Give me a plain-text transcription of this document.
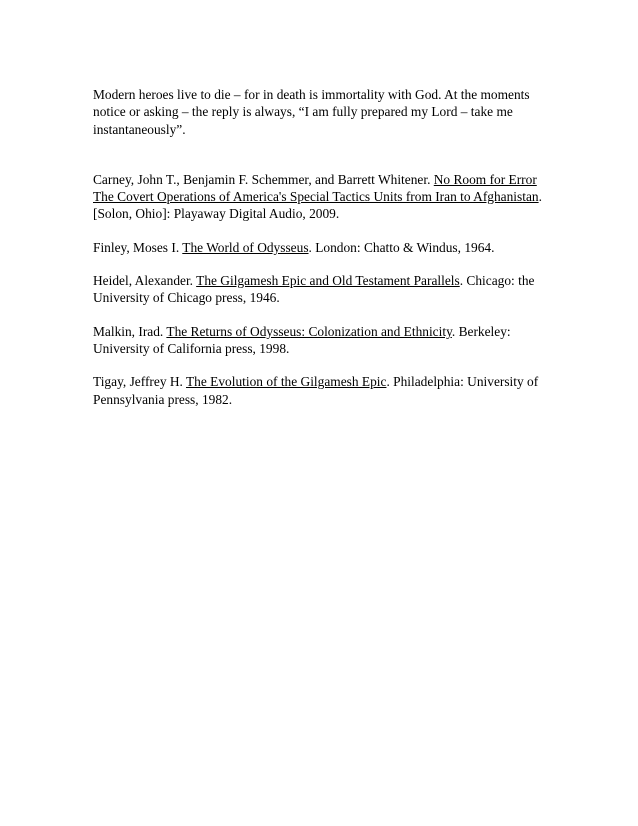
Modern heroes live to die – for in death is immortality with God. At the moments notice or asking – the reply is always, “I am fully prepared my Lord – take me instantaneously”.

Carney, John T., Benjamin F. Schemmer, and Barrett Whitener. No Room for Error The Covert Operations of America's Special Tactics Units from Iran to Afghanistan. [Solon, Ohio]: Playaway Digital Audio, 2009.

Finley, Moses I. The World of Odysseus. London: Chatto & Windus, 1964.

Heidel, Alexander. The Gilgamesh Epic and Old Testament Parallels. Chicago: the University of Chicago press, 1946.

Malkin, Irad. The Returns of Odysseus: Colonization and Ethnicity. Berkeley: University of California press, 1998.

Tigay, Jeffrey H. The Evolution of the Gilgamesh Epic. Philadelphia: University of Pennsylvania press, 1982.
